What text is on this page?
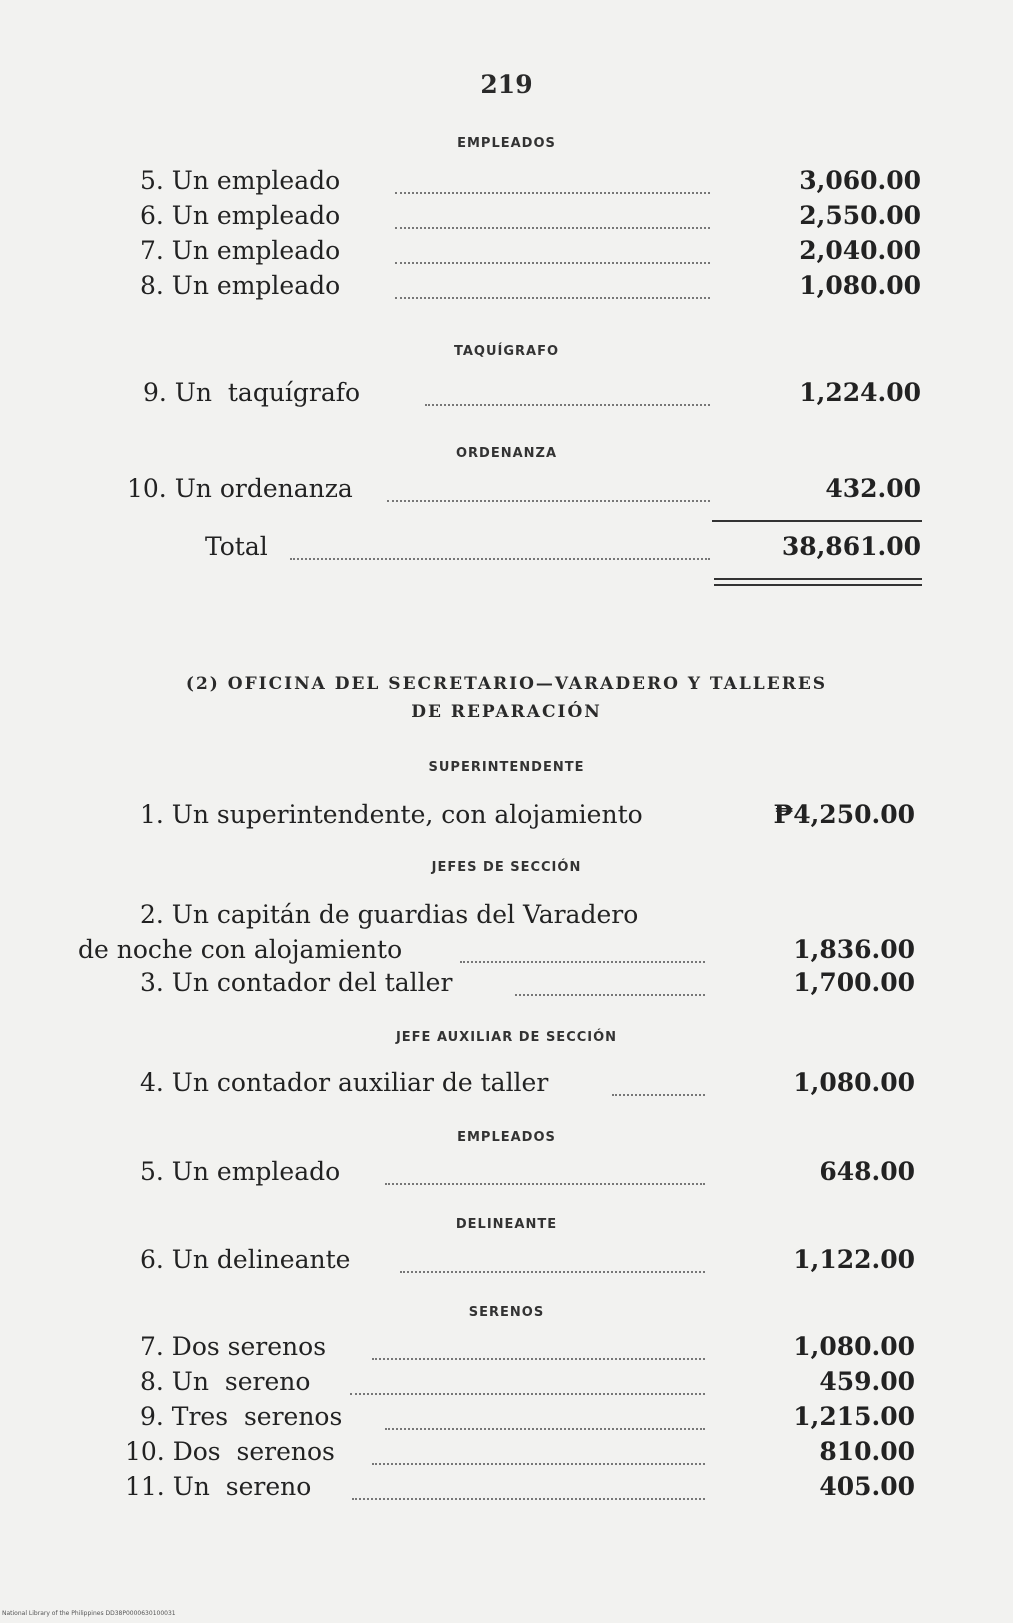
219
EMPLEADOS
5. Un empleado	3,060.00
6. Un empleado	2,550.00
7. Un empleado	2,040.00
8. Un empleado	1,080.00
TAQUÍGRAFO
9. Un  taquígrafo	1,224.00
ORDENANZA
10. Un ordenanza	432.00
Total	38,861.00
(2) OFICINA DEL SECRETARIO—VARADERO Y TALLERES
DE REPARACIÓN
SUPERINTENDENTE
1. Un superintendente, con alojamiento	₱4,250.00
JEFES DE SECCIÓN
2. Un capitán de guardias del Varadero
de noche con alojamiento	1,836.00
3. Un contador del taller	1,700.00
JEFE AUXILIAR DE SECCIÓN
4. Un contador auxiliar de taller	1,080.00
EMPLEADOS
5. Un empleado	648.00
DELINEANTE
6. Un delineante	1,122.00
SERENOS
7. Dos serenos	1,080.00
8. Un  sereno	459.00
9. Tres  serenos	1,215.00
10. Dos  serenos	810.00
11. Un  sereno	405.00
National Library of the Philippines DD38P0000630100031
